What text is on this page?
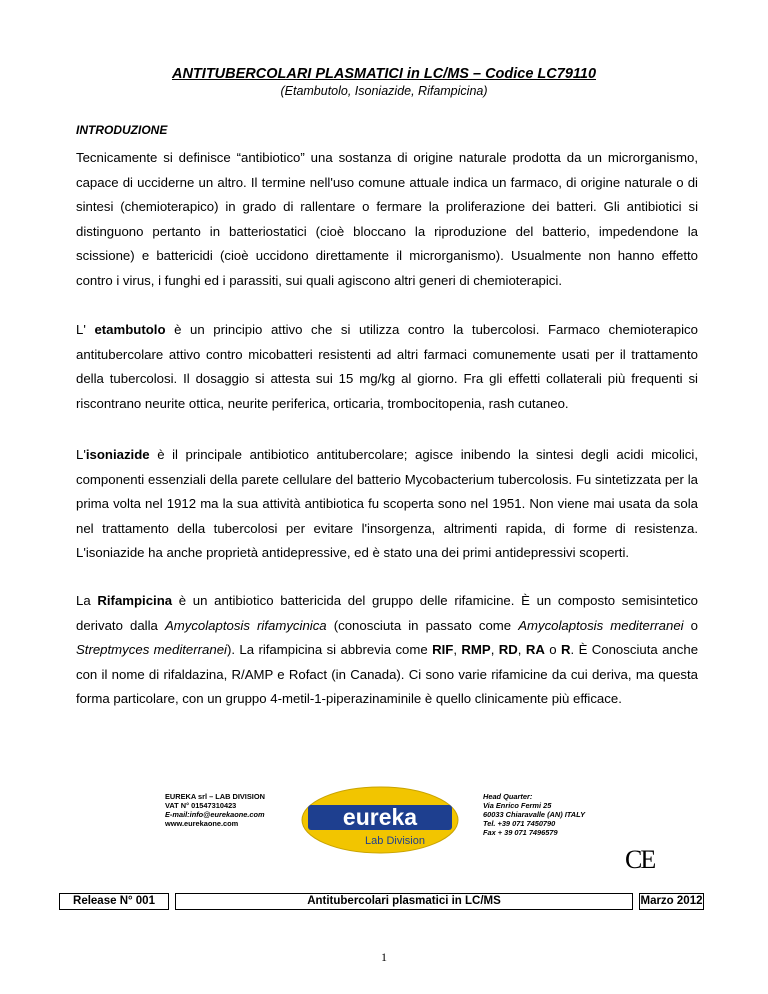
ANTITUBERCOLARI PLASMATICI in LC/MS – Codice LC79110
(Etambutolo, Isoniazide, Rifampicina)
INTRODUZIONE

Tecnicamente si definisce “antibiotico” una sostanza di origine naturale prodotta da un microrganismo, capace di ucciderne un altro. Il termine nell'uso comune attuale indica un farmaco, di origine naturale o di sintesi (chemioterapico) in grado di rallentare o fermare la proliferazione dei batteri. Gli antibiotici si distinguono pertanto in batteriostatici (cioè bloccano la riproduzione del batterio, impedendone la scissione) e battericidi (cioè uccidono direttamente il microrganismo). Usualmente non hanno effetto contro i virus, i funghi ed i parassiti, sui quali agiscono altri generi di chemioterapici.

L' etambutolo è un principio attivo che si utilizza contro la tubercolosi. Farmaco chemioterapico antitubercolare attivo contro micobatteri resistenti ad altri farmaci comunemente usati per il trattamento della tubercolosi. Il dosaggio si attesta sui 15 mg/kg al giorno. Fra gli effetti collaterali più frequenti si riscontrano neurite ottica, neurite periferica, orticaria, trombocitopenia, rash cutaneo.

L'isoniazide è il principale antibiotico antitubercolare; agisce inibendo la sintesi degli acidi micolici, componenti essenziali della parete cellulare del batterio Mycobacterium tubercolosis. Fu sintetizzata per la prima volta nel 1912 ma la sua attività antibiotica fu scoperta sono nel 1951. Non viene mai usata da sola nel trattamento della tubercolosi per evitare l'insorgenza, altrimenti rapida, di forme di resistenza. L'isoniazide ha anche proprietà antidepressive, ed è stato una dei primi antidepressivi scoperti.

La Rifampicina è un antibiotico battericida del gruppo delle rifamicine. È un composto semisintetico derivato dalla Amycolaptosis rifamycinica (conosciuta in passato come Amycolaptosis mediterranei o Streptmyces mediterranei). La rifampicina si abbrevia come RIF, RMP, RD, RA o R. È Conosciuta anche con il nome di rifaldazina, R/AMP e Rofact (in Canada). Ci sono varie rifamicine da cui deriva, ma questa forma particolare, con un gruppo 4-metil-1-piperazinaminile è quello clinicamente più efficace.

EUREKA srl – LAB DIVISION
VAT N° 01547310423
E-mail:info@eurekaone.com
www.eurekaone.com	eureka
Lab Division
Head Quarter:
Via Enrico Fermi 25
60033 Chiaravalle (AN) ITALY
Tel. +39 071 7450790
Fax + 39 071 7496579
CE
Release N° 001	Antitubercolari plasmatici in LC/MS	Marzo 2012
1
